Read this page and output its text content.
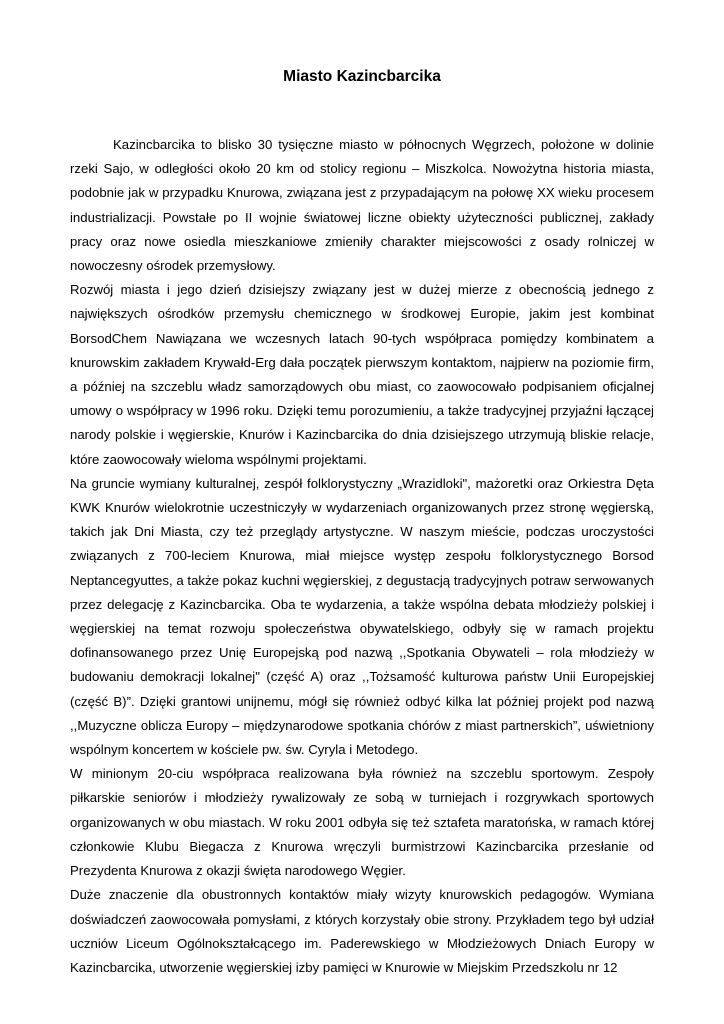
Miasto Kazincbarcika

Kazincbarcika to blisko 30 tysięczne miasto w północnych Węgrzech, położone w dolinie rzeki Sajo, w odległości około 20 km od stolicy regionu – Miszkolca. Nowożytna historia miasta, podobnie jak w przypadku Knurowa, związana jest z przypadającym na połowę XX wieku procesem industrializacji. Powstałe po II wojnie światowej liczne obiekty użyteczności publicznej, zakłady pracy oraz nowe osiedla mieszkaniowe zmieniły charakter miejscowości z osady rolniczej w nowoczesny ośrodek przemysłowy.

Rozwój miasta i jego dzień dzisiejszy związany jest w dużej mierze z obecnością jednego z największych ośrodków przemysłu chemicznego w środkowej Europie, jakim jest kombinat BorsodChem Nawiązana we wczesnych latach 90-tych współpraca pomiędzy kombinatem a knurowskim zakładem Krywałd-Erg dała początek pierwszym kontaktom, najpierw na poziomie firm, a później na szczeblu władz samorządowych obu miast, co zaowocowało podpisaniem oficjalnej umowy o współpracy w 1996 roku. Dzięki temu porozumieniu, a także tradycyjnej przyjaźni łączącej narody polskie i węgierskie, Knurów i Kazincbarcika do dnia dzisiejszego utrzymują bliskie relacje, które zaowocowały wieloma wspólnymi projektami.

Na gruncie wymiany kulturalnej, zespół folklorystyczny „Wrazidloki", mażoretki oraz Orkiestra Dęta KWK Knurów wielokrotnie uczestniczyły w wydarzeniach organizowanych przez stronę węgierską, takich jak Dni Miasta, czy też przeglądy artystyczne. W naszym mieście, podczas uroczystości związanych z 700-leciem Knurowa, miał miejsce występ zespołu folklorystycznego Borsod Neptancegyuttes, a także pokaz kuchni węgierskiej, z degustacją tradycyjnych potraw serwowanych przez delegację z Kazincbarcika. Oba te wydarzenia, a także wspólna debata młodzieży polskiej i węgierskiej na temat rozwoju społeczeństwa obywatelskiego, odbyły się w ramach projektu dofinansowanego przez Unię Europejską pod nazwą ,,Spotkania Obywateli – rola młodzieży w budowaniu demokracji lokalnej" (część A) oraz ,,Tożsamość kulturowa państw Unii Europejskiej (część B)”. Dzięki grantowi unijnemu, mógł się również odbyć kilka lat później projekt pod nazwą ,,Muzyczne oblicza Europy – międzynarodowe spotkania chórów z miast partnerskich”, uświetniony wspólnym koncertem w kościele pw. św. Cyryla i Metodego.

W minionym 20-ciu współpraca realizowana była również na szczeblu sportowym. Zespoły piłkarskie seniorów i młodzieży rywalizowały ze sobą w turniejach i rozgrywkach sportowych organizowanych w obu miastach. W roku 2001 odbyła się też sztafeta maratońska, w ramach której członkowie Klubu Biegacza z Knurowa wręczyli burmistrzowi Kazincbarcika przesłanie od Prezydenta Knurowa z okazji święta narodowego Węgier.

Duże znaczenie dla obustronnych kontaktów miały wizyty knurowskich pedagogów. Wymiana doświadczeń zaowocowała pomysłami, z których korzystały obie strony. Przykładem tego był udział uczniów Liceum Ogólnokształcącego im. Paderewskiego w Młodzieżowych Dniach Europy w Kazincbarcika, utworzenie węgierskiej izby pamięci w Knurowie w Miejskim Przedszkolu nr 12
